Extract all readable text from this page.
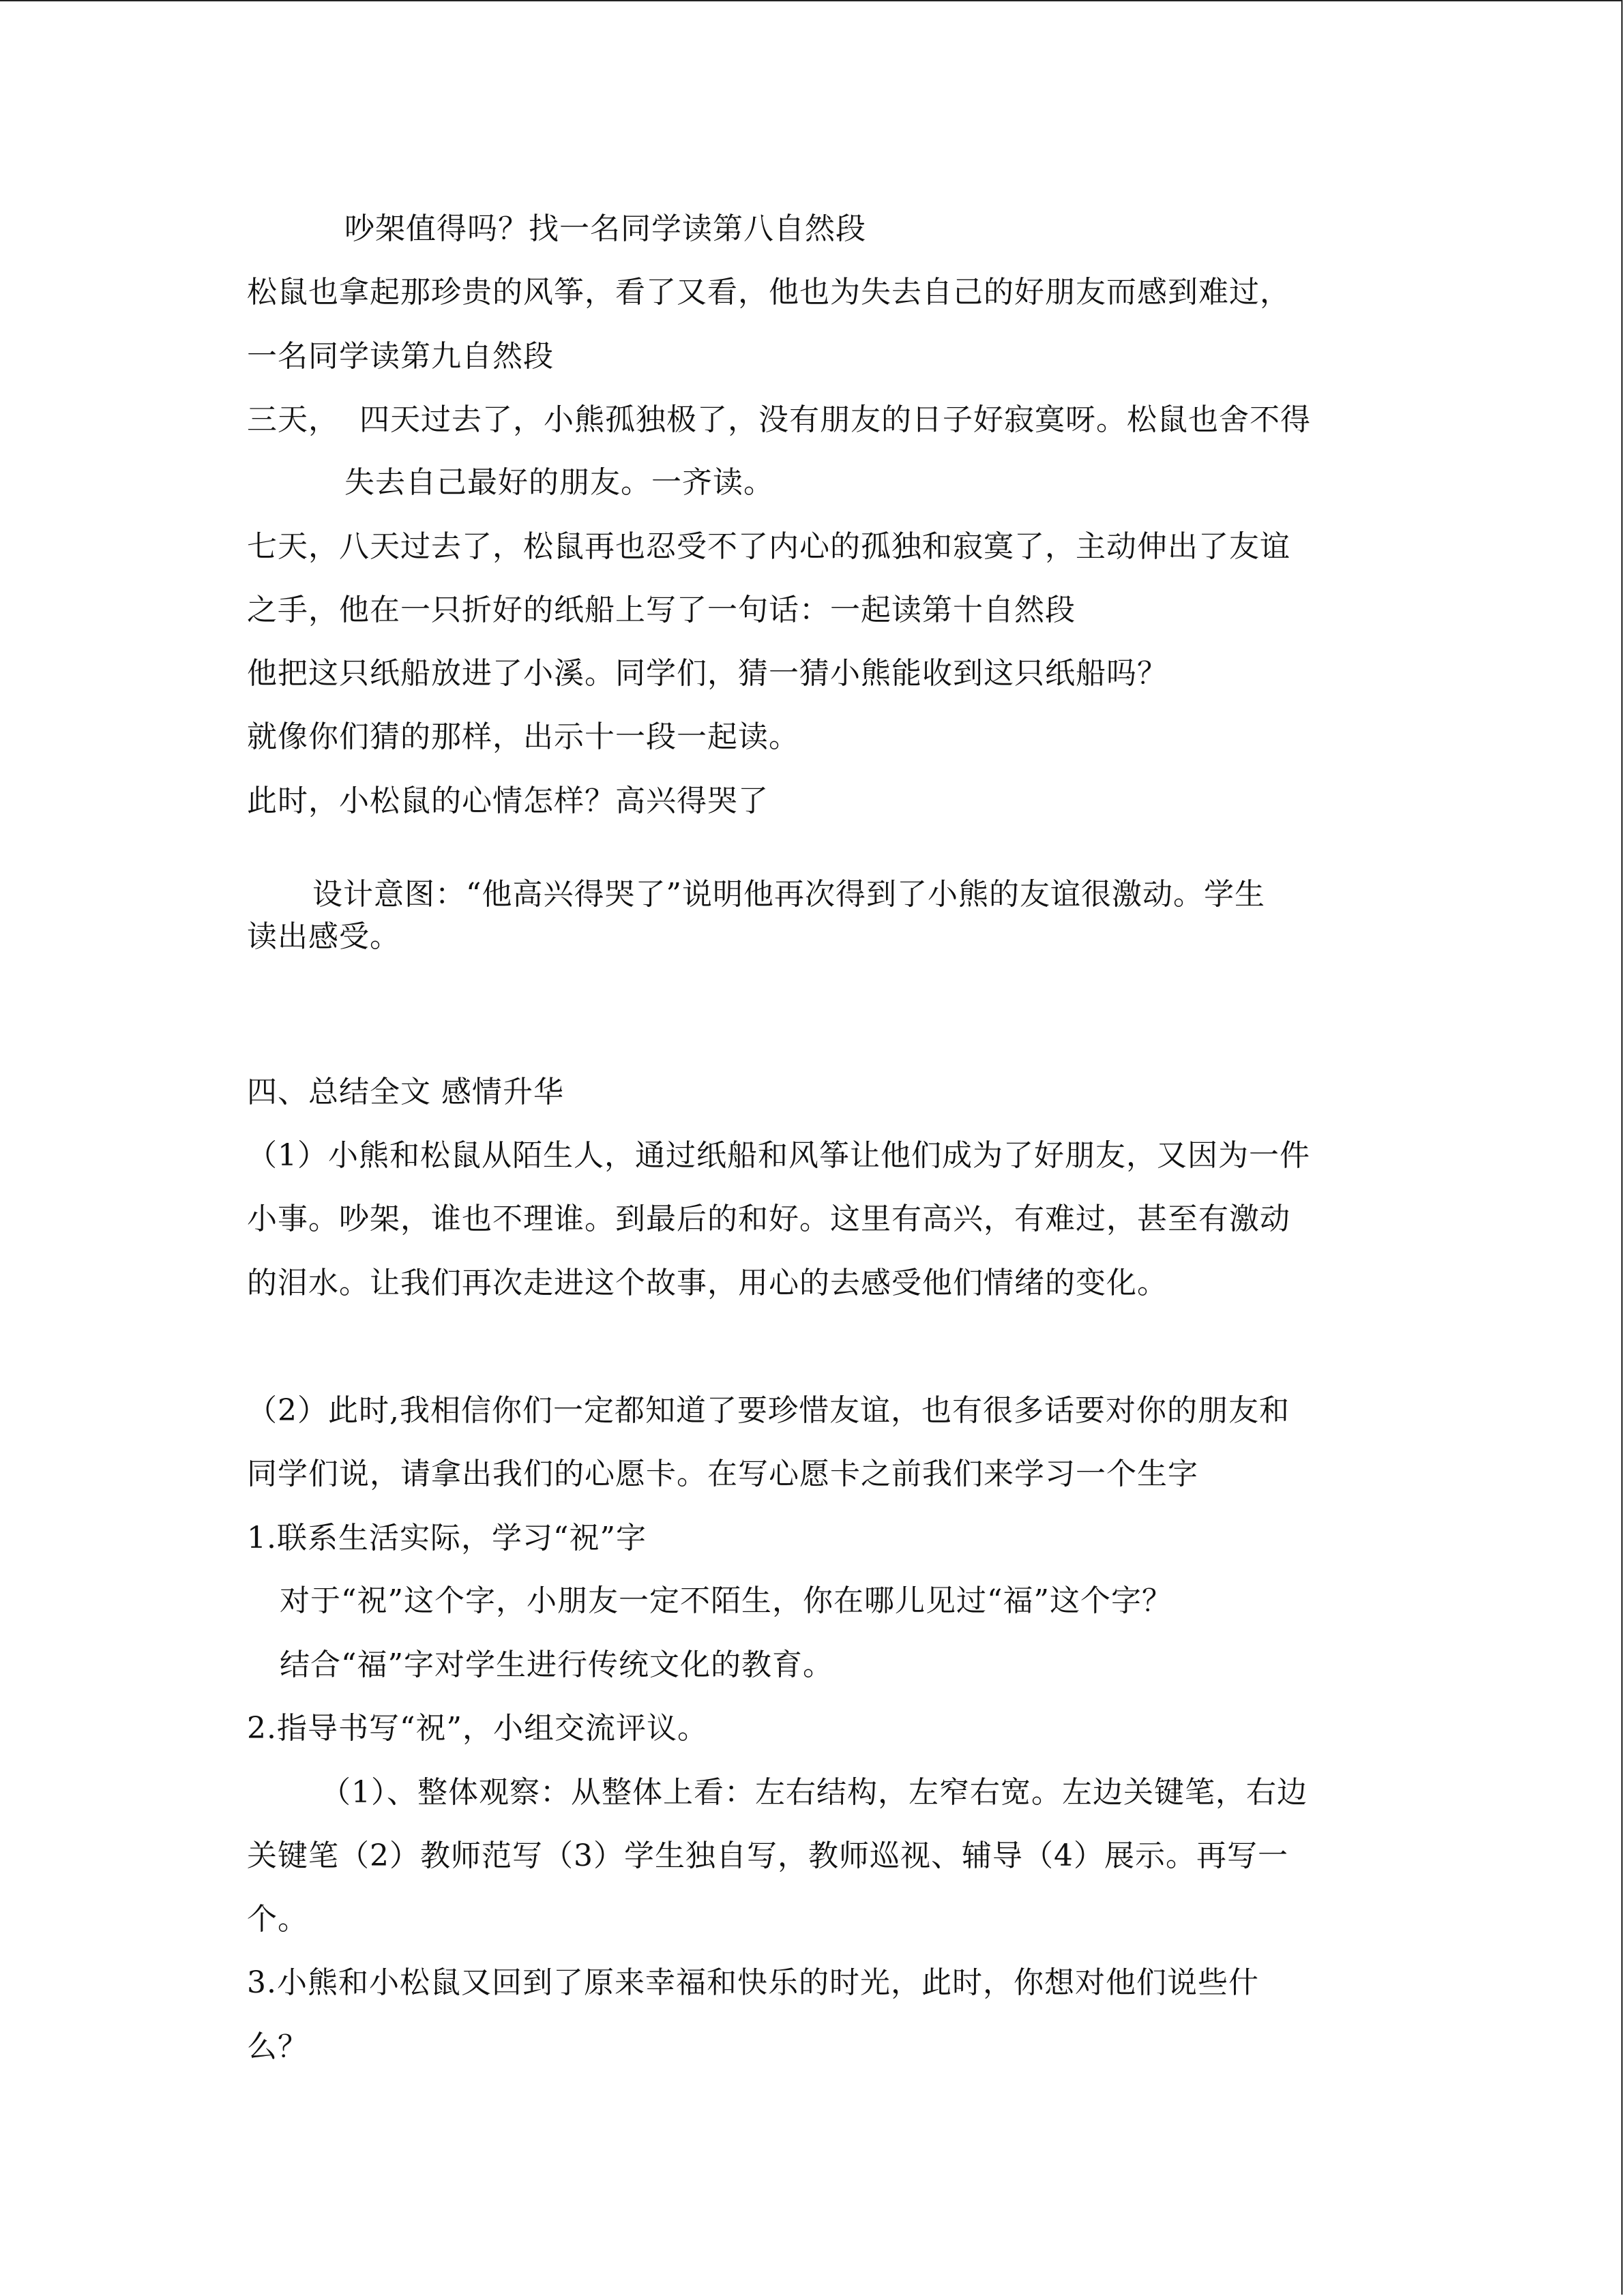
吵架值得吗？找一名同学读第八自然段
松鼠也拿起那珍贵的风筝，看了又看，他也为失去自己的好朋友而感到难过，
一名同学读第九自然段
三天，  四天过去了，小熊孤独极了，没有朋友的日子好寂寞呀。松鼠也舍不得
失去自己最好的朋友。一齐读。
七天，八天过去了，松鼠再也忍受不了内心的孤独和寂寞了，主动伸出了友谊
之手，他在一只折好的纸船上写了一句话：一起读第十自然段
他把这只纸船放进了小溪。同学们，猜一猜小熊能收到这只纸船吗？
就像你们猜的那样，出示十一段一起读。
此时，小松鼠的心情怎样？高兴得哭了
设计意图：“他高兴得哭了”说明他再次得到了小熊的友谊很激动。学生
读出感受。
四、总结全文 感情升华
（1）小熊和松鼠从陌生人，通过纸船和风筝让他们成为了好朋友，又因为一件
小事。吵架，谁也不理谁。到最后的和好。这里有高兴，有难过，甚至有激动
的泪水。让我们再次走进这个故事，用心的去感受他们情绪的变化。
（2）此时,我相信你们一定都知道了要珍惜友谊，也有很多话要对你的朋友和
同学们说，请拿出我们的心愿卡。在写心愿卡之前我们来学习一个生字
1.联系生活实际，学习“祝”字
对于“祝”这个字，小朋友一定不陌生，你在哪儿见过“福”这个字？
结合“福”字对学生进行传统文化的教育。
2.指导书写“祝”，小组交流评议。
（1）、整体观察：从整体上看：左右结构，左窄右宽。左边关键笔，右边
关键笔（2）教师范写（3）学生独自写，教师巡视、辅导（4）展示。再写一
个。
3.小熊和小松鼠又回到了原来幸福和快乐的时光，此时，你想对他们说些什
么？
